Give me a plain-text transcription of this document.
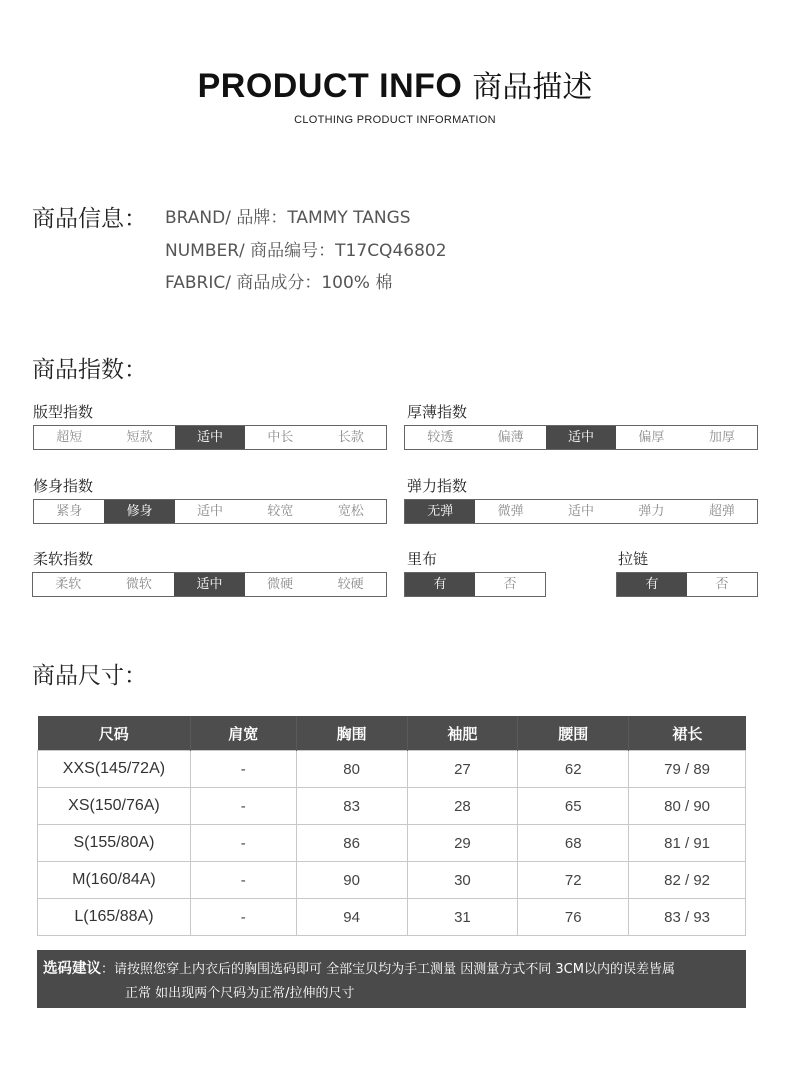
PRODUCT INFO 商品描述
CLOTHING PRODUCT INFORMATION
商品信息： BRAND/ 品牌：TAMMY TANGS
NUMBER/ 商品编号：T17CQ46802
FABRIC/ 商品成分：100% 棉
商品指数：
版型指数
超短	短款	适中	中长	长款
厚薄指数
较透	偏薄	适中	偏厚	加厚
修身指数
紧身	修身	适中	较宽	宽松
弹力指数
无弹	微弹	适中	弹力	超弹
柔软指数
柔软	微软	适中	微硬	较硬
里布
有	否
拉链
有	否
商品尺寸：
尺码	肩宽	胸围	袖肥	腰围	裙长
XXS(145/72A)	-	80	27	62	79 / 89
XS(150/76A)	-	83	28	65	80 / 90
S(155/80A)	-	86	29	68	81 / 91
M(160/84A)	-	90	30	72	82 / 92
L(165/88A)	-	94	31	76	83 / 93
选码建议：请按照您穿上内衣后的胸围选码即可 全部宝贝均为手工测量 因测量方式不同 3CM以内的误差皆属
正常 如出现两个尺码为正常/拉伸的尺寸
